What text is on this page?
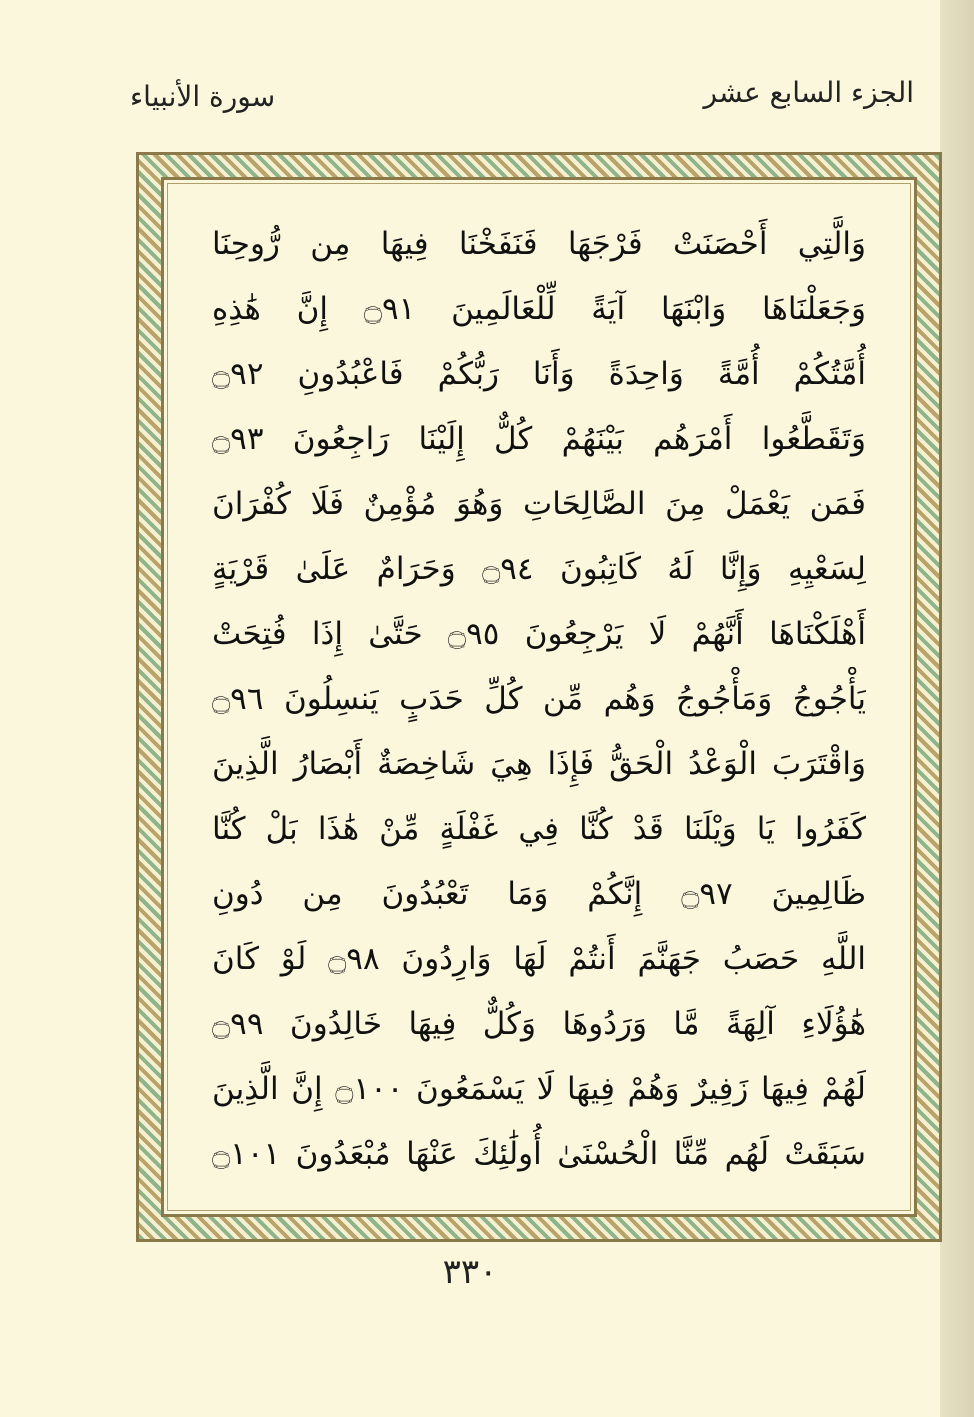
سورة الأنبياء	الجزء السابع عشر
وَالَّتِي أَحْصَنَتْ فَرْجَهَا فَنَفَخْنَا فِيهَا مِن رُّوحِنَا
وَجَعَلْنَاهَا وَابْنَهَا آيَةً لِّلْعَالَمِينَ ۝٩١ إِنَّ هَٰذِهِ
أُمَّتُكُمْ أُمَّةً وَاحِدَةً وَأَنَا رَبُّكُمْ فَاعْبُدُونِ ۝٩٢
وَتَقَطَّعُوا أَمْرَهُم بَيْنَهُمْ كُلٌّ إِلَيْنَا رَاجِعُونَ ۝٩٣
فَمَن يَعْمَلْ مِنَ الصَّالِحَاتِ وَهُوَ مُؤْمِنٌ فَلَا كُفْرَانَ
لِسَعْيِهِ وَإِنَّا لَهُ كَاتِبُونَ ۝٩٤ وَحَرَامٌ عَلَىٰ قَرْيَةٍ
أَهْلَكْنَاهَا أَنَّهُمْ لَا يَرْجِعُونَ ۝٩٥ حَتَّىٰ إِذَا فُتِحَتْ
يَأْجُوجُ وَمَأْجُوجُ وَهُم مِّن كُلِّ حَدَبٍ يَنسِلُونَ ۝٩٦
وَاقْتَرَبَ الْوَعْدُ الْحَقُّ فَإِذَا هِيَ شَاخِصَةٌ أَبْصَارُ الَّذِينَ
كَفَرُوا يَا وَيْلَنَا قَدْ كُنَّا فِي غَفْلَةٍ مِّنْ هَٰذَا بَلْ كُنَّا
ظَالِمِينَ ۝٩٧ إِنَّكُمْ وَمَا تَعْبُدُونَ مِن دُونِ
اللَّهِ حَصَبُ جَهَنَّمَ أَنتُمْ لَهَا وَارِدُونَ ۝٩٨ لَوْ كَانَ
هَٰؤُلَاءِ آلِهَةً مَّا وَرَدُوهَا وَكُلٌّ فِيهَا خَالِدُونَ ۝٩٩
لَهُمْ فِيهَا زَفِيرٌ وَهُمْ فِيهَا لَا يَسْمَعُونَ ۝١٠٠ إِنَّ الَّذِينَ
سَبَقَتْ لَهُم مِّنَّا الْحُسْنَىٰ أُولَٰئِكَ عَنْهَا مُبْعَدُونَ ۝١٠١
٣٣٠
